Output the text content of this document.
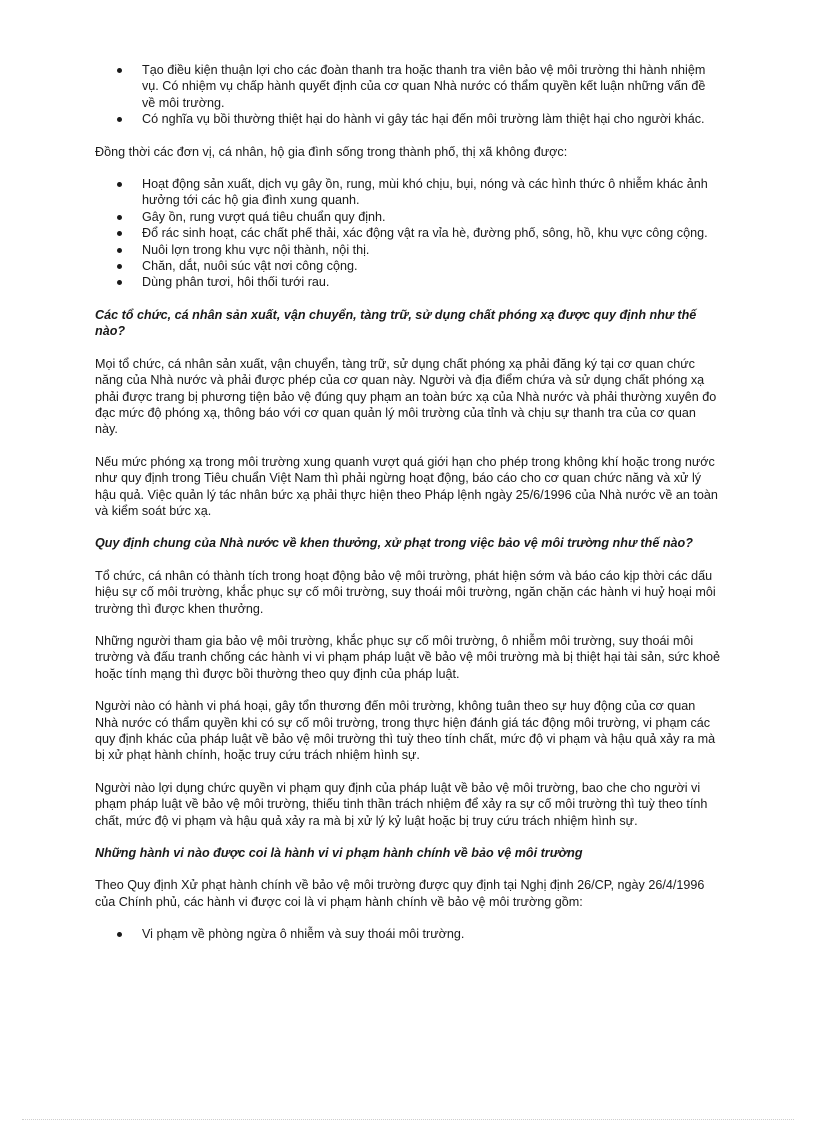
Tạo điều kiện thuận lợi cho các đoàn thanh tra hoặc thanh tra viên bảo vệ môi trường thi hành nhiệm vụ. Có nhiệm vụ chấp hành quyết định của cơ quan Nhà nước có thẩm quyền kết luận những vấn đề về môi trường.
Có nghĩa vụ bồi thường thiệt hại do hành vi gây tác hại đến môi trường làm thiệt hại cho người khác.

Đồng thời các đơn vị, cá nhân, hộ gia đình sống trong thành phố, thị xã không được:

Hoạt động sản xuất, dịch vụ gây ồn, rung, mùi khó chịu, bụi, nóng và các hình thức ô nhiễm khác ảnh hưởng tới các hộ gia đình xung quanh.
Gây ồn, rung vượt quá tiêu chuẩn quy định.
Đổ rác sinh hoạt, các chất phế thải, xác động vật ra vỉa hè, đường phố, sông, hồ, khu vực công cộng.
Nuôi lợn trong khu vực nội thành, nội thị.
Chăn, dắt, nuôi súc vật nơi công cộng.
Dùng phân tươi, hôi thối tưới rau.
Các tổ chức, cá nhân sản xuất, vận chuyển, tàng trữ, sử dụng chất phóng xạ được quy định như thế nào?

Mọi tổ chức, cá nhân sản xuất, vận chuyển, tàng trữ, sử dụng chất phóng xạ phải đăng ký tại cơ quan chức năng của Nhà nước và phải được phép của cơ quan này. Người và địa điểm chứa và sử dụng chất phóng xạ phải được trang bị phương tiện bảo vệ đúng quy phạm an toàn bức xạ của Nhà nước và phải thường xuyên đo đạc mức độ phóng xạ, thông báo với cơ quan quản lý môi trường của tỉnh và chịu sự thanh tra của cơ quan này.

Nếu mức phóng xạ trong môi trường xung quanh vượt quá giới hạn cho phép trong không khí hoặc trong nước như quy định trong Tiêu chuẩn Việt Nam thì phải ngừng hoạt động, báo cáo cho cơ quan chức năng và xử lý hậu quả. Việc quản lý tác nhân bức xạ phải thực hiện theo Pháp lệnh ngày 25/6/1996 của Nhà nước về an toàn và kiểm soát bức xạ.

Quy định chung của Nhà nước về khen thưởng, xử phạt trong việc bảo vệ môi trường như thế nào?

Tổ chức, cá nhân có thành tích trong hoạt động bảo vệ môi trường, phát hiện sớm và báo cáo kịp thời các dấu hiệu sự cố môi trường, khắc phục sự cố môi trường, suy thoái môi trường, ngăn chặn các hành vi huỷ hoại môi trường thì được khen thưởng.

Những người tham gia bảo vệ môi trường, khắc phục sự cố môi trường, ô nhiễm môi trường, suy thoái môi trường và đấu tranh chống các hành vi vi phạm pháp luật về bảo vệ môi trường mà bị thiệt hại tài sản, sức khoẻ hoặc tính mạng thì được bồi thường theo quy định của pháp luật.

Người nào có hành vi phá hoại, gây tổn thương đến môi trường, không tuân theo sự huy động của cơ quan Nhà nước có thẩm quyền khi có sự cố môi trường, trong thực hiện đánh giá tác động môi trường, vi phạm các quy định khác của pháp luật về bảo vệ môi trường thì tuỳ theo tính chất, mức độ vi phạm và hậu quả xảy ra mà bị xử phạt hành chính, hoặc truy cứu trách nhiệm hình sự.

Người nào lợi dụng chức quyền vi phạm quy định của pháp luật về bảo vệ môi trường, bao che cho người vi phạm pháp luật về bảo vệ môi trường, thiếu tinh thần trách nhiệm để xảy ra sự cố môi trường thì tuỳ theo tính chất, mức độ vi phạm và hậu quả xảy ra mà bị xử lý kỷ luật hoặc bị truy cứu trách nhiệm hình sự.

Những hành vi nào được coi là hành vi vi phạm hành chính về bảo vệ môi trường

Theo Quy định Xử phạt hành chính về bảo vệ môi trường được quy định tại Nghị định 26/CP, ngày 26/4/1996 của Chính phủ, các hành vi được coi là vi phạm hành chính về bảo vệ môi trường gồm:

Vi phạm về phòng ngừa ô nhiễm và suy thoái môi trường.
